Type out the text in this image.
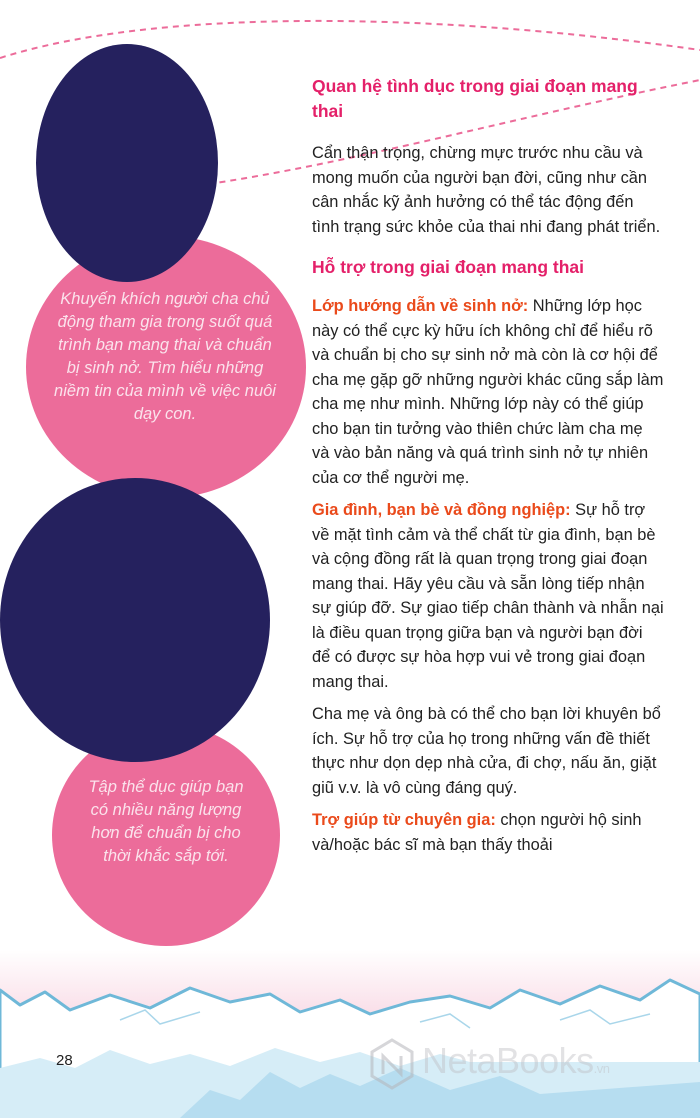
Khuyến khích người cha chủ động tham gia trong suốt quá trình bạn mang thai và chuẩn bị sinh nở. Tìm hiểu những niềm tin của mình về việc nuôi dạy con.
Tập thể dục giúp bạn có nhiều năng lượng hơn để chuẩn bị cho thời khắc sắp tới.
Quan hệ tình dục trong giai đoạn mang thai

Cẩn thận trọng, chừng mực trước nhu cầu và mong muốn của người bạn đời, cũng như cần cân nhắc kỹ ảnh hưởng có thể tác động đến tình trạng sức khỏe của thai nhi đang phát triển.

Hỗ trợ trong giai đoạn mang thai

Lớp hướng dẫn về sinh nở: Những lớp học này có thể cực kỳ hữu ích không chỉ để hiểu rõ và chuẩn bị cho sự sinh nở mà còn là cơ hội để cha mẹ gặp gỡ những người khác cũng sắp làm cha mẹ như mình. Những lớp này có thể giúp cho bạn tin tưởng vào thiên chức làm cha mẹ và vào bản năng và quá trình sinh nở tự nhiên của cơ thể người mẹ.

Gia đình, bạn bè và đồng nghiệp: Sự hỗ trợ về mặt tình cảm và thể chất từ gia đình, bạn bè và cộng đồng rất là quan trọng trong giai đoạn mang thai. Hãy yêu cầu và sẵn lòng tiếp nhận sự giúp đỡ. Sự giao tiếp chân thành và nhẫn nại là điều quan trọng giữa bạn và người bạn đời để có được sự hòa hợp vui vẻ trong giai đoạn mang thai.

Cha mẹ và ông bà có thể cho bạn lời khuyên bổ ích. Sự hỗ trợ của họ trong những vấn đề thiết thực như dọn dẹp nhà cửa, đi chợ, nấu ăn, giặt giũ v.v. là vô cùng đáng quý.

Trợ giúp từ chuyên gia: chọn người hộ sinh và/hoặc bác sĩ mà bạn thấy thoải

28	NetaBooks.vn
